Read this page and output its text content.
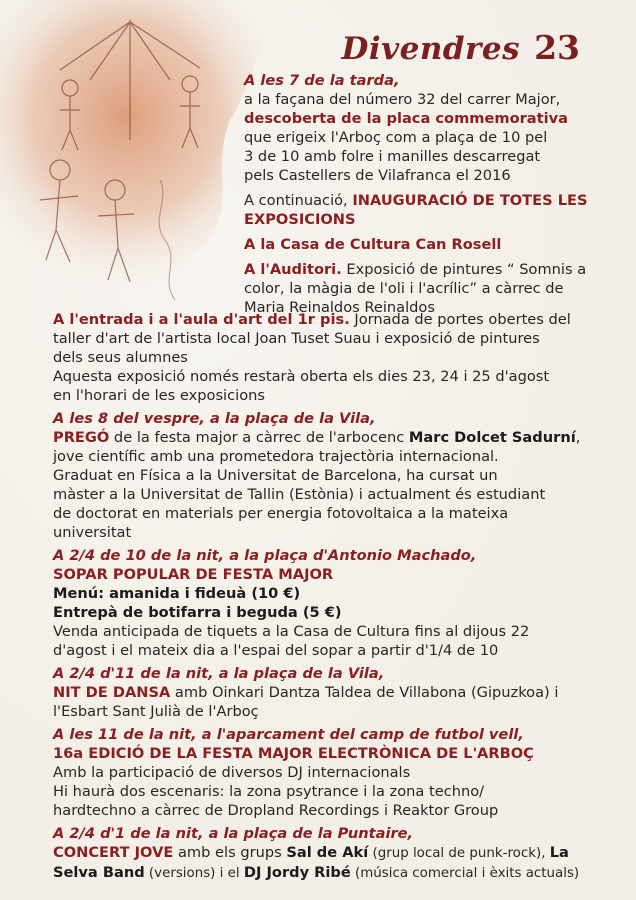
Divendres 23

A les 7 de la tarda,

a la façana del número 32 del carrer Major,

descoberta de la placa commemorativa

que erigeix l'Arboç com a plaça de 10 pel

3 de 10 amb folre i manilles descarregat

pels Castellers de Vilafranca el 2016

A continuació, INAUGURACIÓ DE TOTES LES

EXPOSICIONS

A la Casa de Cultura Can Rosell

A l'Auditori. Exposició de pintures “ Somnis a

color, la màgia de l'oli i l'acrílic” a càrrec de

Maria Reinaldos Reinaldos

A l'entrada i a l'aula d'art del 1r pis. Jornada de portes obertes del

taller d'art de l'artista local Joan Tuset Suau i exposició de pintures

dels seus alumnes

Aquesta exposició només restarà oberta els dies 23, 24 i 25 d'agost

en l'horari de les exposicions

A les 8 del vespre, a la plaça de la Vila,

PREGÓ de la festa major a càrrec de l'arbocenc Marc Dolcet Sadurní,

jove científic amb una prometedora trajectòria internacional.

Graduat en Física a la Universitat de Barcelona, ha cursat un

màster a la Universitat de Tallin (Estònia) i actualment és estudiant

de doctorat en materials per energia fotovoltaica a la mateixa

universitat

A 2/4 de 10 de la nit, a la plaça d'Antonio Machado,

SOPAR POPULAR DE FESTA MAJOR

Menú: amanida i fideuà (10 €)

Entrepà de botifarra i beguda (5 €)

Venda anticipada de tiquets a la Casa de Cultura fins al dijous 22

d'agost i el mateix dia a l'espai del sopar a partir d'1/4 de 10

A 2/4 d'11 de la nit, a la plaça de la Vila,

NIT DE DANSA amb Oinkari Dantza Taldea de Villabona (Gipuzkoa) i

l'Esbart Sant Julià de l'Arboç

A les 11 de la nit, a l'aparcament del camp de futbol vell,

16a EDICIÓ DE LA FESTA MAJOR ELECTRÒNICA DE L'ARBOÇ

Amb la participació de diversos DJ internacionals

Hi haurà dos escenaris: la zona psytrance i la zona techno/

hardtechno a càrrec de Dropland Recordings i Reaktor Group

A 2/4 d'1 de la nit, a la plaça de la Puntaire,

CONCERT JOVE amb els grups Sal de Akí (grup local de punk-rock), La

Selva Band (versions) i el DJ Jordy Ribé (música comercial i èxits actuals)
